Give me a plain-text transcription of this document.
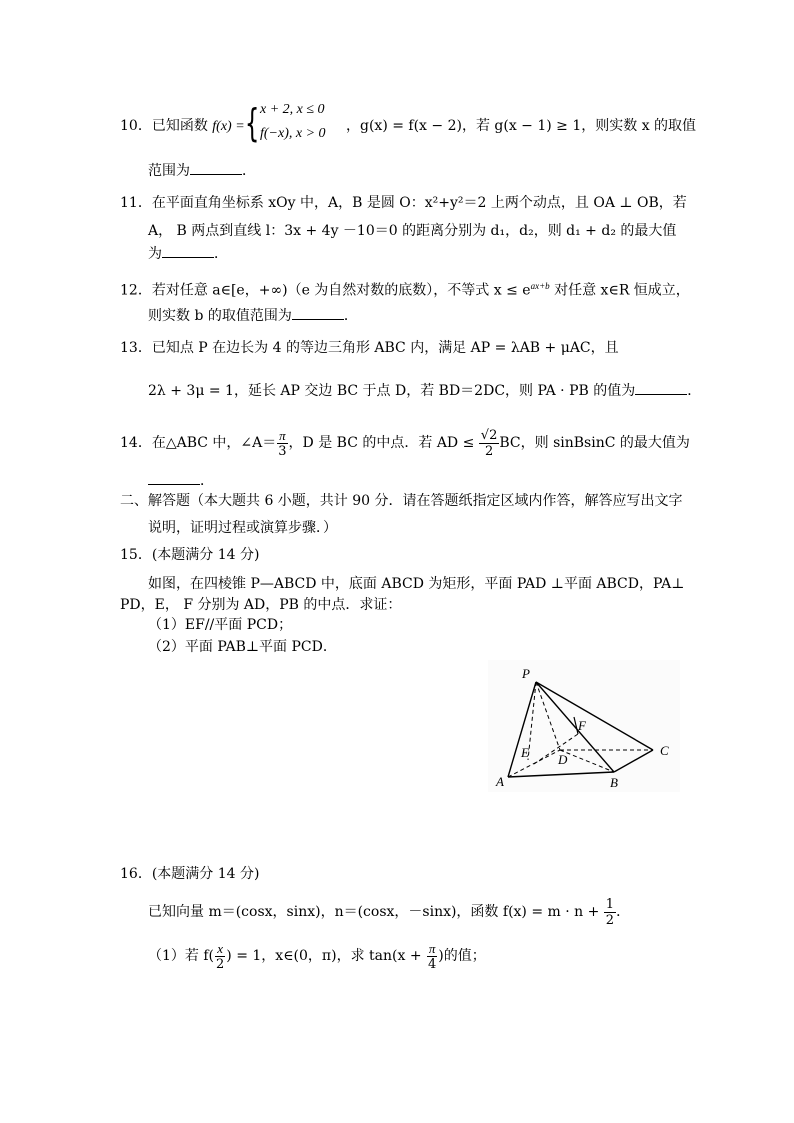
10．已知函数 f(x) = { x + 2, x ≤ 0
f(−x), x > 0 ，g(x) = f(x − 2)，若 g(x − 1) ≥ 1，则实数 x 的取值
范围为	．
11．在平面直角坐标系 xOy 中，A，B 是圆 O：x²+y²＝2 上两个动点，且 OA ⊥ OB，若
A， B 两点到直线 l：3x + 4y －10＝0 的距离分别为 d₁，d₂，则 d₁ + d₂ 的最大值
为	．
12．若对任意 a∈[e，+∞)（e 为自然对数的底数），不等式 $x \le e^{ax+b}$ 对任意 x∈R 恒成立，
则实数 b 的取值范围为	．
13．已知点 P 在边长为 4 的等边三角形 ABC 内，满足 AP = λAB + μAC，且
2λ + 3μ = 1，延长 AP 交边 BC 于点 D，若 BD＝2DC，则 PA · PB 的值为	．
14．在△ABC 中，∠A＝ $\frac{\pi}{3}$ ，D 是 BC 的中点．若 AD ≤ $\frac{√2}{2}$ BC，则 sinBsinC 的最大值为
．
二、解答题（本大题共 6 小题，共计 90 分．请在答题纸指定区域内作答，解答应写出文字
说明，证明过程或演算步骤．）
15．(本题满分 14 分)
如图，在四棱锥 P—ABCD 中，底面 ABCD 为矩形，平面 PAD ⊥平面 ABCD，PA⊥
PD，E， F 分别为 AD，PB 的中点．求证：
（1）EF//平面 PCD；
（2）平面 PAB⊥平面 PCD．
P
A	B
C
D
E
F
16．(本题满分 14 分)
已知向量 m＝(cosx，sinx)，n＝(cosx，－sinx)，函数 $f(x) = m \cdot n + \frac{1}{2}$ ．
（1）若 $f( \frac{x}{2}$ ) = 1，x∈(0，π)，求 $\tan(x + \frac{\pi}{4}$ )的值；
